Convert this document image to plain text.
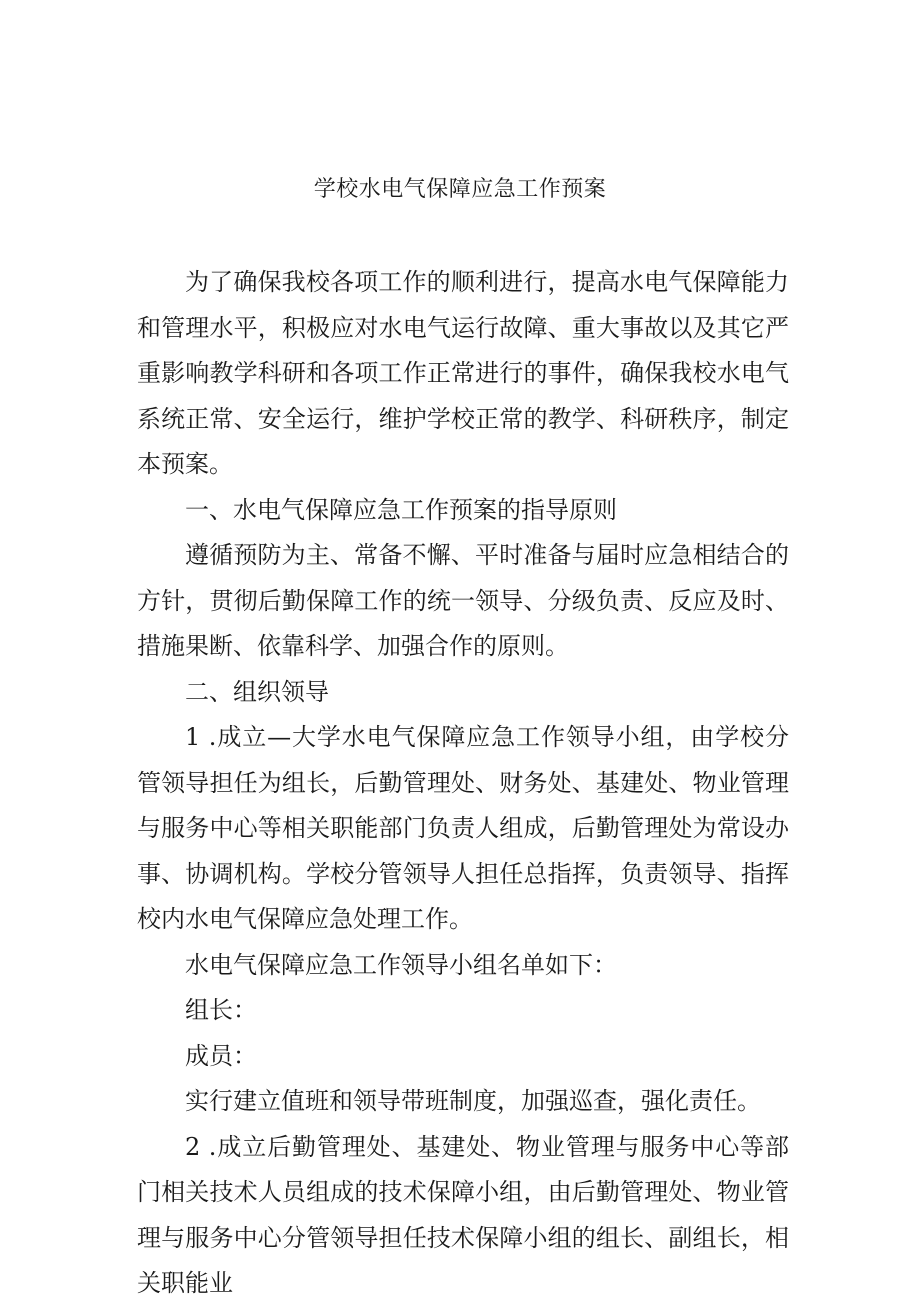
学校水电气保障应急工作预案

为了确保我校各项工作的顺利进行，提高水电气保障能力和管理水平，积极应对水电气运行故障、重大事故以及其它严重影响教学科研和各项工作正常进行的事件，确保我校水电气系统正常、安全运行，维护学校正常的教学、科研秩序，制定本预案。

一、水电气保障应急工作预案的指导原则

遵循预防为主、常备不懈、平时准备与届时应急相结合的方针，贯彻后勤保障工作的统一领导、分级负责、反应及时、措施果断、依靠科学、加强合作的原则。

二、组织领导

1 .成立—大学水电气保障应急工作领导小组，由学校分管领导担任为组长，后勤管理处、财务处、基建处、物业管理与服务中心等相关职能部门负责人组成，后勤管理处为常设办事、协调机构。学校分管领导人担任总指挥，负责领导、指挥校内水电气保障应急处理工作。

水电气保障应急工作领导小组名单如下：

组长：

成员：

实行建立值班和领导带班制度，加强巡查，强化责任。

2 .成立后勤管理处、基建处、物业管理与服务中心等部门相关技术人员组成的技术保障小组，由后勤管理处、物业管理与服务中心分管领导担任技术保障小组的组长、副组长，相关职能业
